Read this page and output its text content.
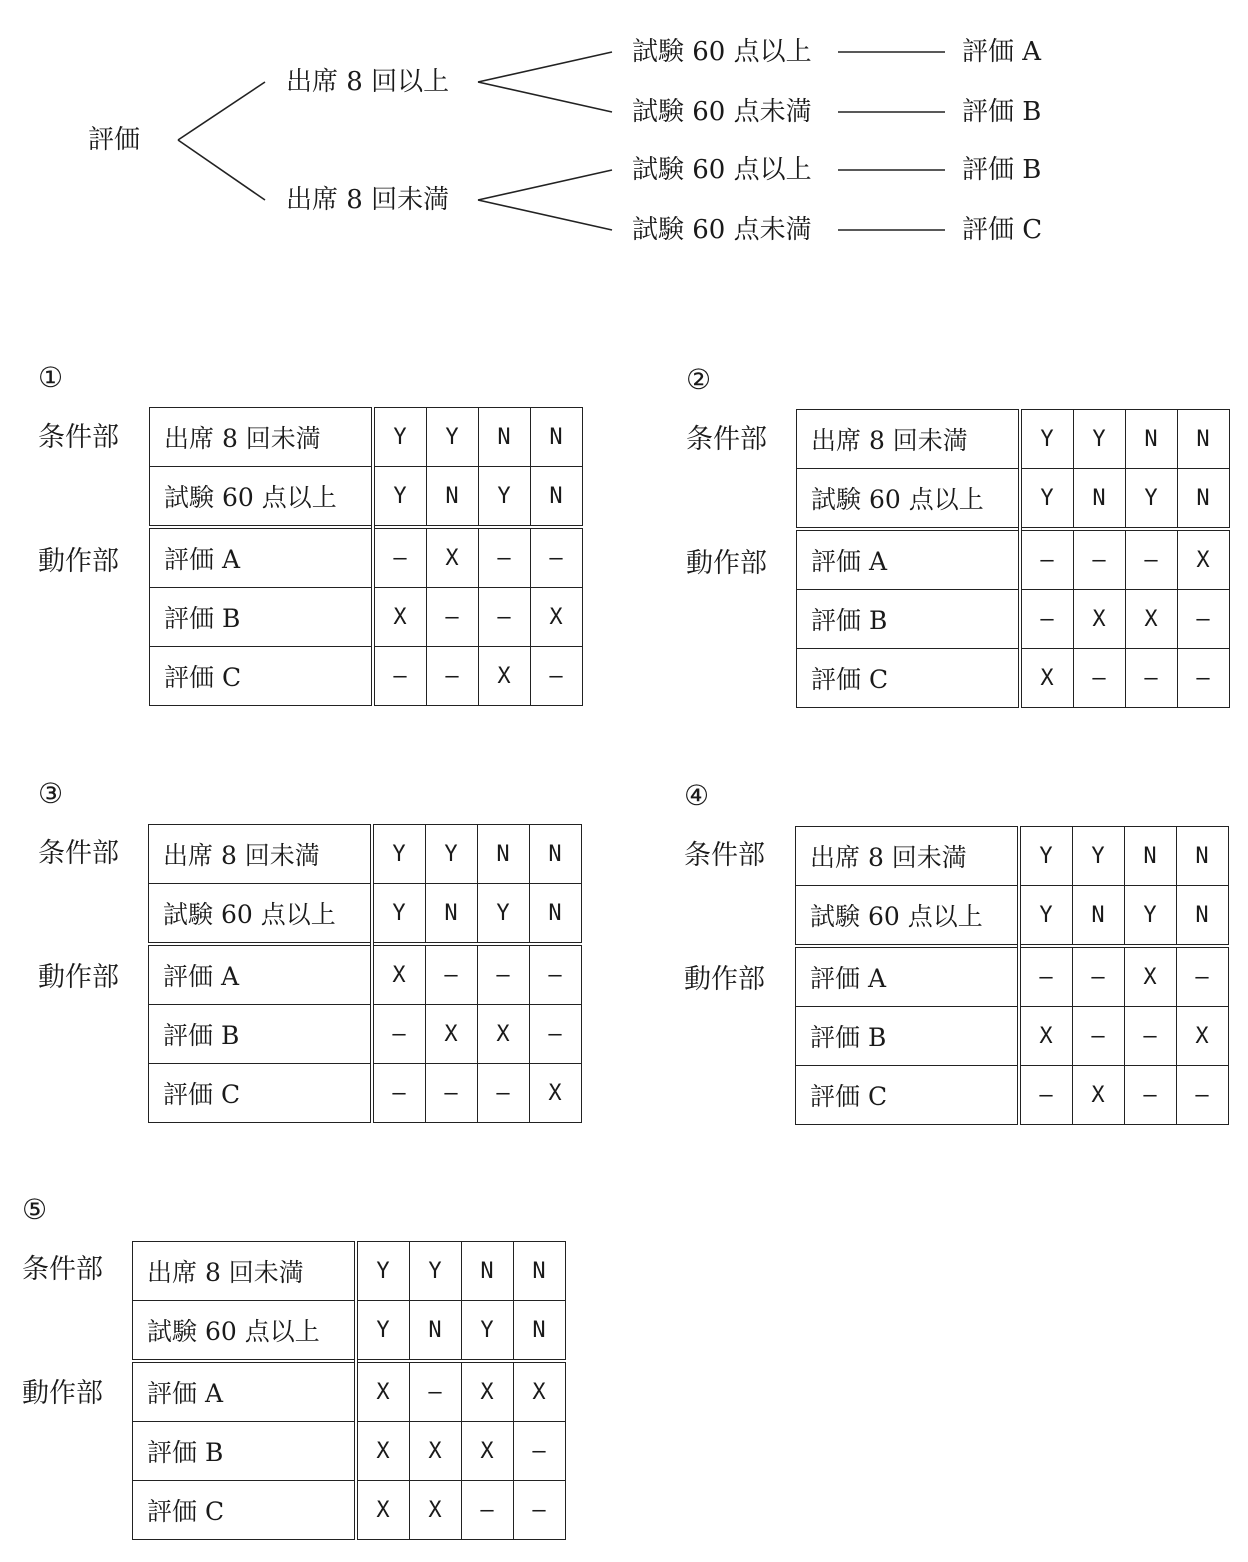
評価
出席 8 回以上
出席 8 回未満
試験 60 点以上
試験 60 点未満
試験 60 点以上
試験 60 点未満
評価 A
評価 B
評価 B
評価 C
①
条件部
動作部
出席 8 回未満	Y	Y	N	N
試験 60 点以上	Y	N	Y	N
評価 A	–	X	–	–
評価 B	X	–	–	X
評価 C	–	–	X	–
②
条件部
動作部
出席 8 回未満	Y	Y	N	N
試験 60 点以上	Y	N	Y	N
評価 A	–	–	–	X
評価 B	–	X	X	–
評価 C	X	–	–	–
③
条件部
動作部
出席 8 回未満	Y	Y	N	N
試験 60 点以上	Y	N	Y	N
評価 A	X	–	–	–
評価 B	–	X	X	–
評価 C	–	–	–	X
④
条件部
動作部
出席 8 回未満	Y	Y	N	N
試験 60 点以上	Y	N	Y	N
評価 A	–	–	X	–
評価 B	X	–	–	X
評価 C	–	X	–	–
⑤
条件部
動作部
出席 8 回未満	Y	Y	N	N
試験 60 点以上	Y	N	Y	N
評価 A	X	–	X	X
評価 B	X	X	X	–
評価 C	X	X	–	–
